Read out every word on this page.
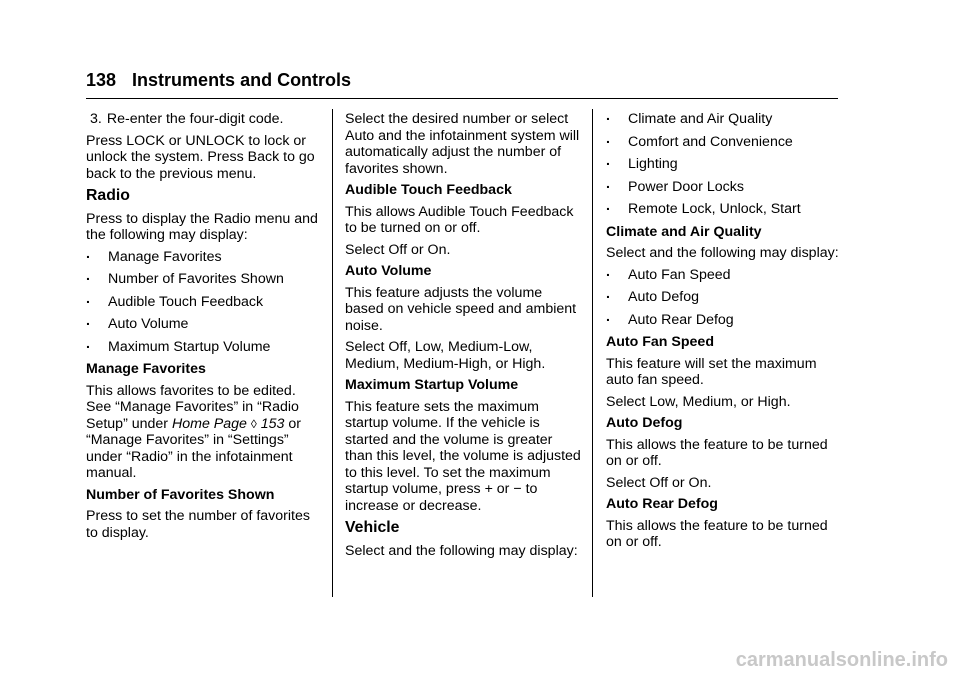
138 Instruments and Controls

3. Re-enter the four-digit code.

Press LOCK or UNLOCK to lock or unlock the system. Press Back to go back to the previous menu.

Radio

Press to display the Radio menu and the following may display:

. Manage Favorites

. Number of Favorites Shown

. Audible Touch Feedback

. Auto Volume

. Maximum Startup Volume

Manage Favorites

This allows favorites to be edited. See “Manage Favorites” in “Radio Setup” under Home Page ◊ 153 or “Manage Favorites” in “Settings” under “Radio” in the infotainment manual.

Number of Favorites Shown

Press to set the number of favorites to display.

Select the desired number or select Auto and the infotainment system will automatically adjust the number of favorites shown.

Audible Touch Feedback

This allows Audible Touch Feedback to be turned on or off.

Select Off or On.

Auto Volume

This feature adjusts the volume based on vehicle speed and ambient noise.

Select Off, Low, Medium-Low, Medium, Medium-High, or High.

Maximum Startup Volume

This feature sets the maximum startup volume. If the vehicle is started and the volume is greater than this level, the volume is adjusted to this level. To set the maximum startup volume, press + or − to increase or decrease.

Vehicle

Select and the following may display:

. Climate and Air Quality

. Comfort and Convenience

. Lighting

. Power Door Locks

. Remote Lock, Unlock, Start

Climate and Air Quality

Select and the following may display:

. Auto Fan Speed

. Auto Defog

. Auto Rear Defog

Auto Fan Speed

This feature will set the maximum auto fan speed.

Select Low, Medium, or High.

Auto Defog

This allows the feature to be turned on or off.

Select Off or On.

Auto Rear Defog

This allows the feature to be turned on or off.

carmanualsonline.info
